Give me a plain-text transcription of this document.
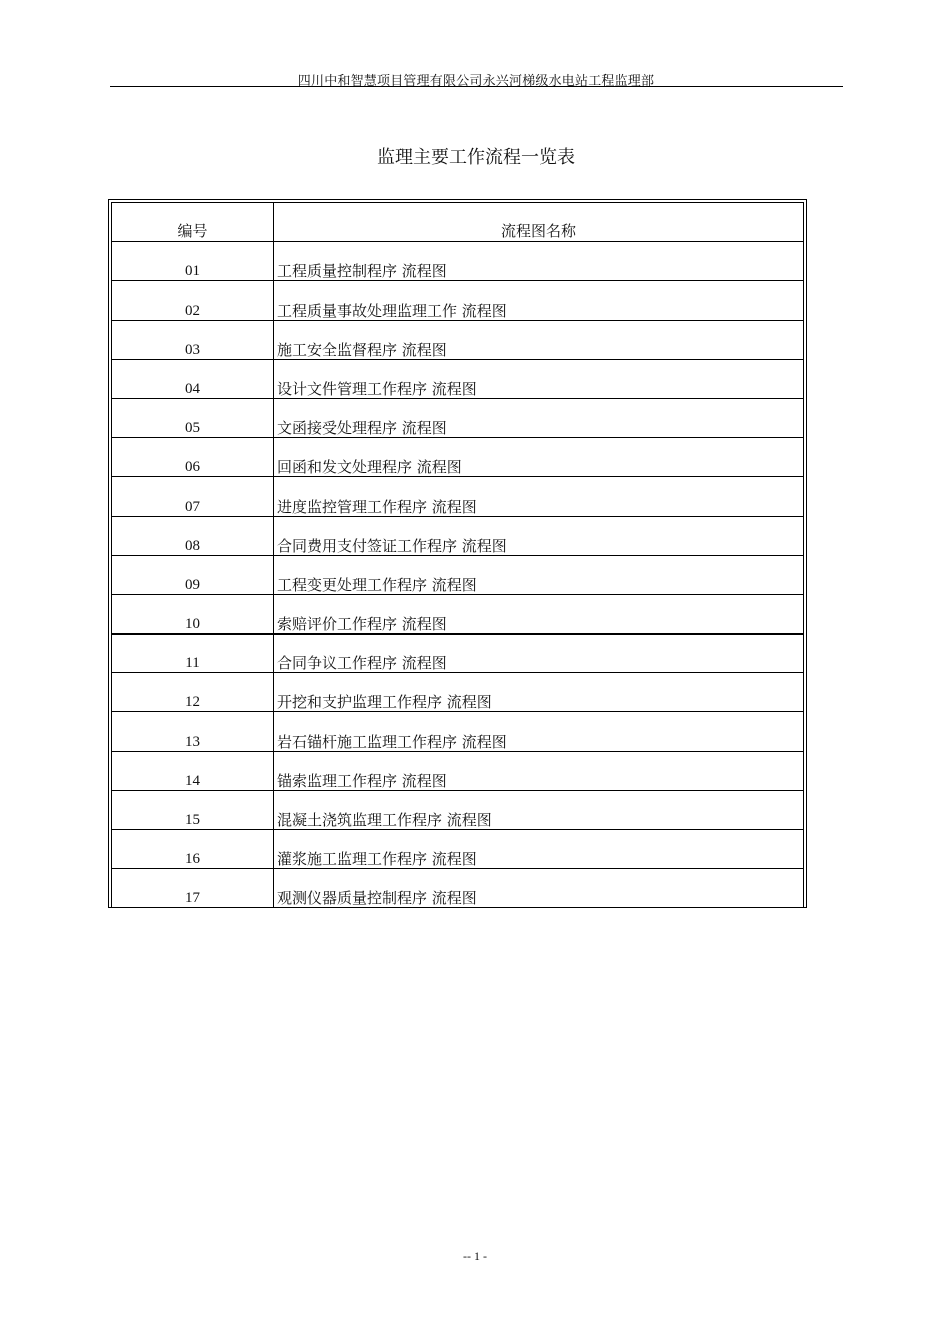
四川中和智慧项目管理有限公司永兴河梯级水电站工程监理部
监理主要工作流程一览表
编号	流程图名称
01	工程质量控制程序 流程图
02	工程质量事故处理监理工作 流程图
03	施工安全监督程序 流程图
04	设计文件管理工作程序 流程图
05	文函接受处理程序 流程图
06	回函和发文处理程序 流程图
07	进度监控管理工作程序 流程图
08	合同费用支付签证工作程序 流程图
09	工程变更处理工作程序 流程图
10	索赔评价工作程序 流程图
11	合同争议工作程序 流程图
12	开挖和支护监理工作程序 流程图
13	岩石锚杆施工监理工作程序 流程图
14	锚索监理工作程序 流程图
15	混凝土浇筑监理工作程序 流程图
16	灌浆施工监理工作程序 流程图
17	观测仪器质量控制程序 流程图
-- 1 -
